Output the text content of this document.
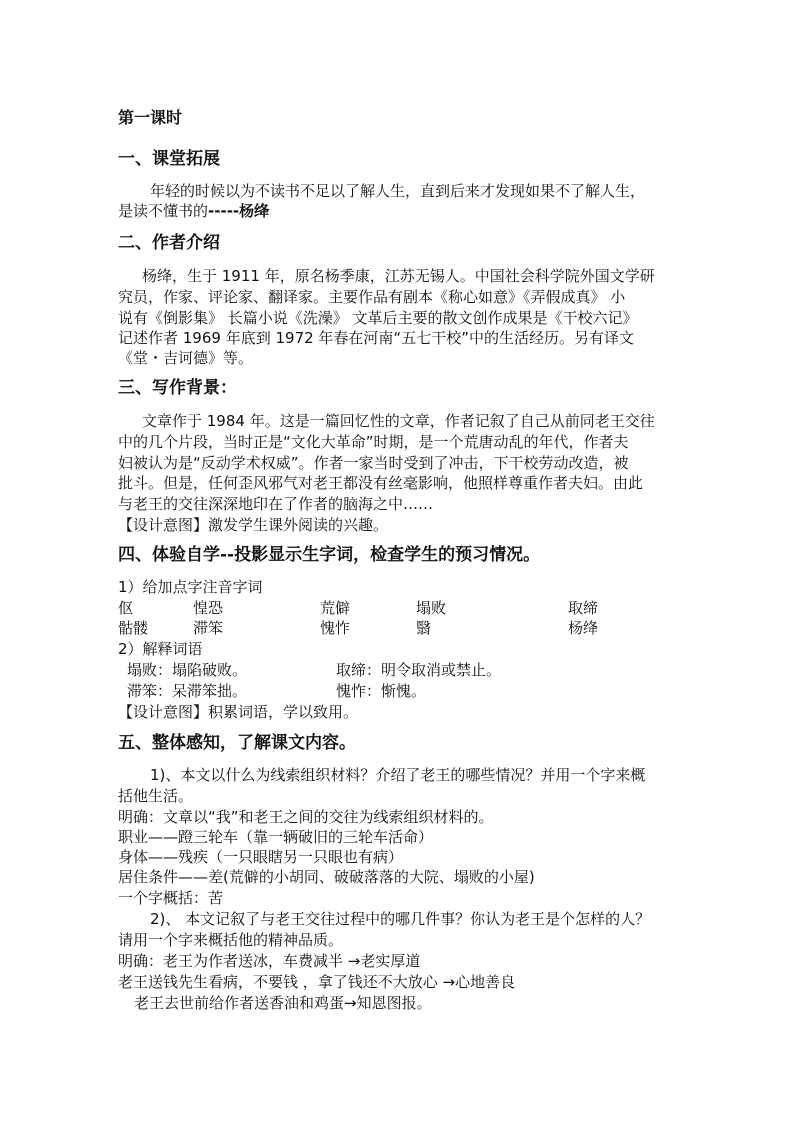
第一课时
一、课堂拓展
年轻的时候以为不读书不足以了解人生，直到后来才发现如果不了解人生，
是读不懂书的-----杨绛
二、作者介绍
杨绛，生于 1911 年，原名杨季康，江苏无锡人。中国社会科学院外国文学研
究员，作家、评论家、翻译家。主要作品有剧本《称心如意》《弄假成真》 小
说有《倒影集》 长篇小说《洗澡》 文革后主要的散文创作成果是《干校六记》
记述作者 1969 年底到 1972 年春在河南“五七干校”中的生活经历。另有译文
《堂・吉诃德》等。
三、写作背景：
文章作于 1984 年。这是一篇回忆性的文章，作者记叙了自己从前同老王交往
中的几个片段，当时正是“文化大革命”时期，是一个荒唐动乱的年代，作者夫
妇被认为是“反动学术权威”。作者一家当时受到了冲击，下干校劳动改造，被
批斗。但是，任何歪风邪气对老王都没有丝毫影响，他照样尊重作者夫妇。由此
与老王的交往深深地印在了作者的脑海之中……
【设计意图】激发学生课外阅读的兴趣。
四、体验自学--投影显示生字词，检查学生的预习情况。
1）给加点字注音字词
伛	惶恐	荒僻	塌败	取缔
骷髅	滞笨	愧怍	翳	杨绛
2）解释词语
塌败：塌陷破败。	取缔：明令取消或禁止。
滞笨：呆滞笨拙。	愧怍：惭愧。
【设计意图】积累词语，学以致用。
五、整体感知，了解课文内容。
1)、本文以什么为线索组织材料？介绍了老王的哪些情况？并用一个字来概
括他生活。
明确：文章以“我”和老王之间的交往为线索组织材料的。
职业——蹬三轮车（靠一辆破旧的三轮车活命）
身体——残疾（一只眼瞎另一只眼也有病）
居住条件——差(荒僻的小胡同、破破落落的大院、塌败的小屋)
一个字概括：苦
2)、 本文记叙了与老王交往过程中的哪几件事？你认为老王是个怎样的人？
请用一个字来概括他的精神品质。
明确：老王为作者送冰，车费减半 →老实厚道
老王送钱先生看病，不要钱 ，拿了钱还不大放心 →心地善良
老王去世前给作者送香油和鸡蛋→知恩图报。
